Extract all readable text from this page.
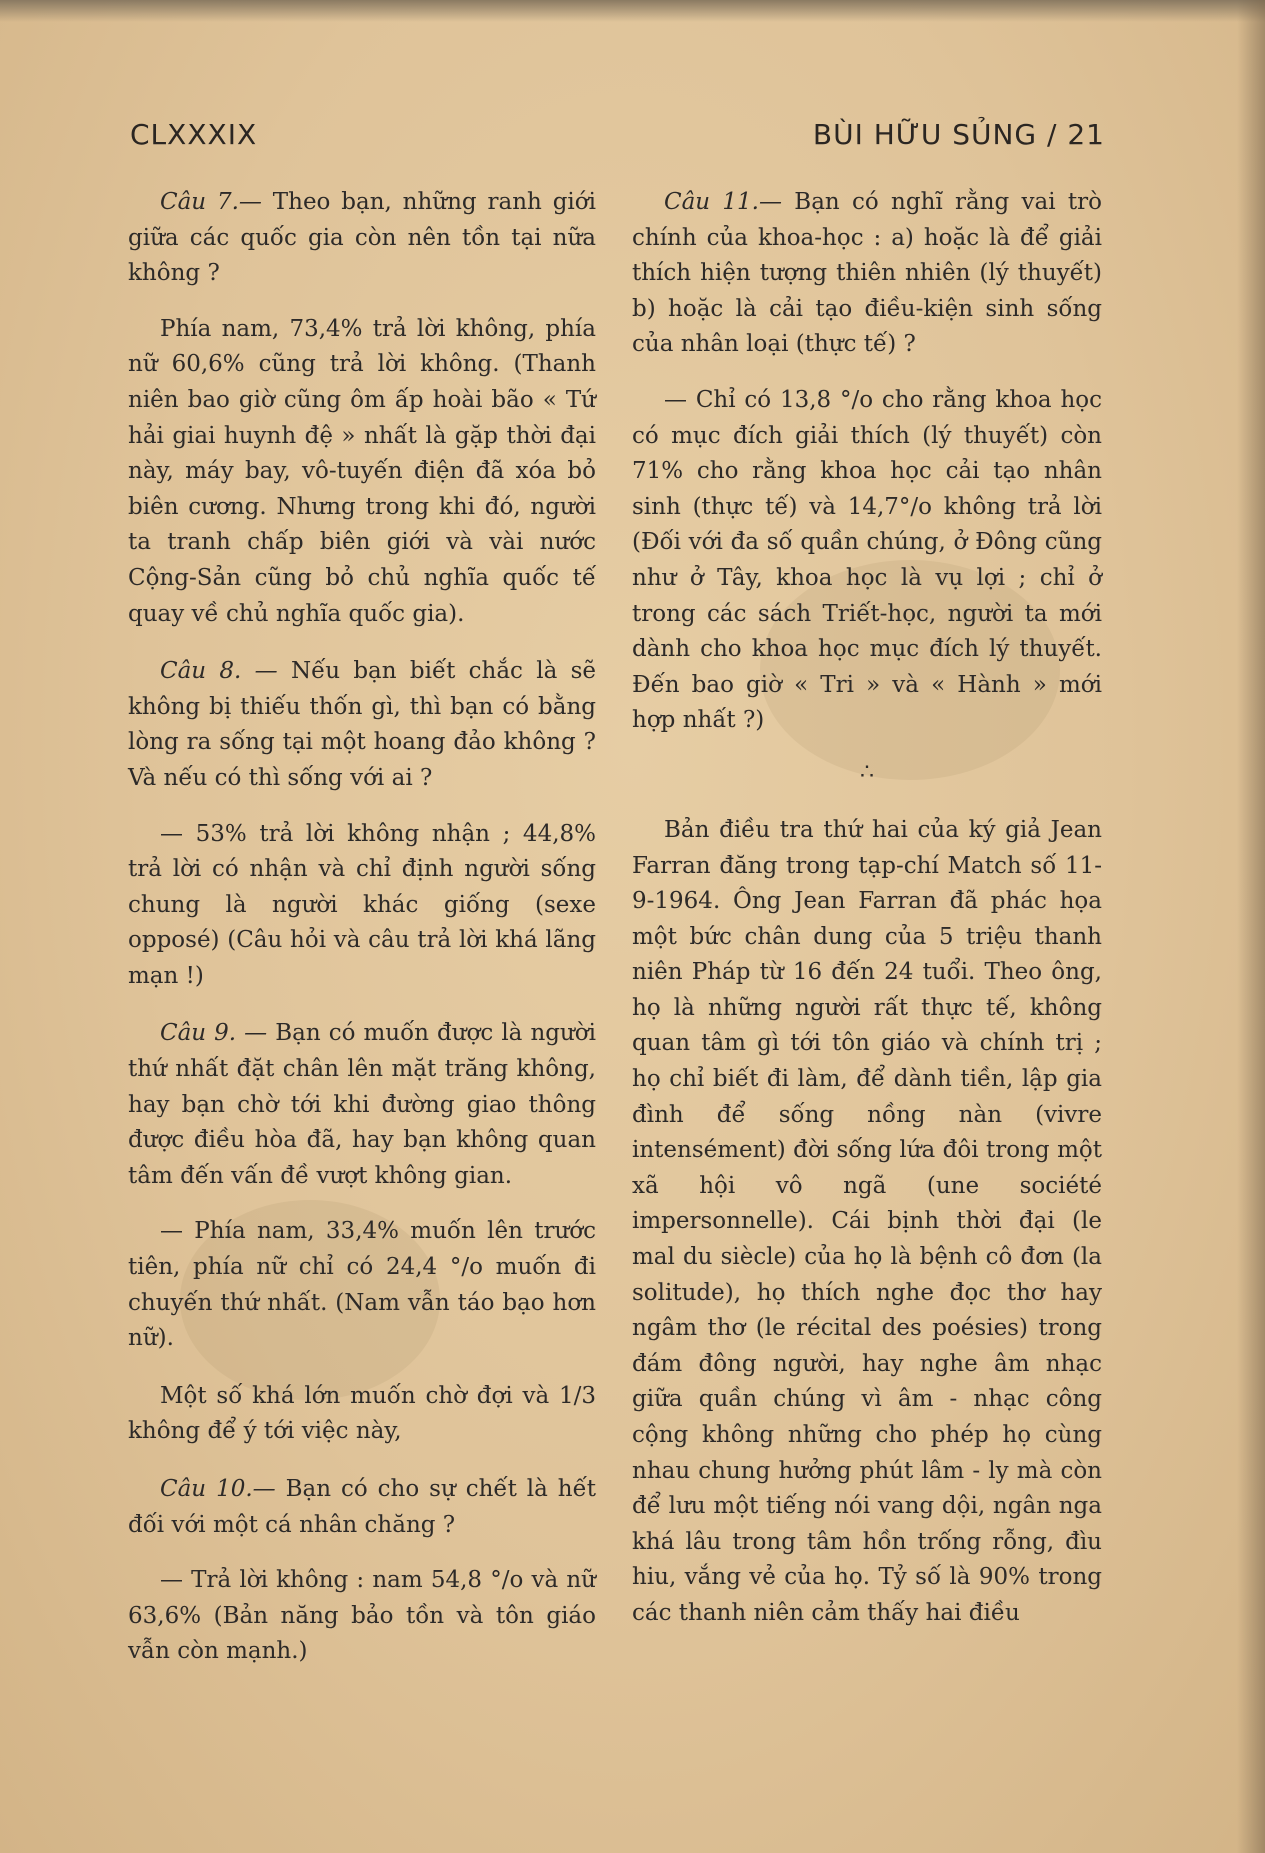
CLXXXIX	BÙI HỮU SỦNG / 21

Câu 7.— Theo bạn, những ranh giới giữa các quốc gia còn nên tồn tại nữa không ?

Phía nam, 73,4% trả lời không, phía nữ 60,6% cũng trả lời không. (Thanh niên bao giờ cũng ôm ấp hoài bão « Tứ hải giai huynh đệ » nhất là gặp thời đại này, máy bay, vô-tuyến điện đã xóa bỏ biên cương. Nhưng trong khi đó, người ta tranh chấp biên giới và vài nước Cộng-Sản cũng bỏ chủ nghĩa quốc tế quay về chủ nghĩa quốc gia).

Câu 8. — Nếu bạn biết chắc là sẽ không bị thiếu thốn gì, thì bạn có bằng lòng ra sống tại một hoang đảo không ? Và nếu có thì sống với ai ?

— 53% trả lời không nhận ; 44,8% trả lời có nhận và chỉ định người sống chung là người khác giống (sexe opposé) (Câu hỏi và câu trả lời khá lãng mạn !)

Câu 9. — Bạn có muốn được là người thứ nhất đặt chân lên mặt trăng không, hay bạn chờ tới khi đường giao thông được điều hòa đã, hay bạn không quan tâm đến vấn đề vượt không gian.

— Phía nam, 33,4% muốn lên trước tiên, phía nữ chỉ có 24,4 °/o muốn đi chuyến thứ nhất. (Nam vẫn táo bạo hơn nữ).

Một số khá lớn muốn chờ đợi và 1/3 không để ý tới việc này,

Câu 10.— Bạn có cho sự chết là hết đối với một cá nhân chăng ?

— Trả lời không : nam 54,8 °/o và nữ 63,6% (Bản năng bảo tồn và tôn giáo vẫn còn mạnh.)

Câu 11.— Bạn có nghĩ rằng vai trò chính của khoa-học : a) hoặc là để giải thích hiện tượng thiên nhiên (lý thuyết) b) hoặc là cải tạo điều-kiện sinh sống của nhân loại (thực tế) ?

— Chỉ có 13,8 °/o cho rằng khoa học có mục đích giải thích (lý thuyết) còn 71% cho rằng khoa học cải tạo nhân sinh (thực tế) và 14,7°/o không trả lời (Đối với đa số quần chúng, ở Đông cũng như ở Tây, khoa học là vụ lợi ; chỉ ở trong các sách Triết-học, người ta mới dành cho khoa học mục đích lý thuyết. Đến bao giờ « Tri » và « Hành » mới hợp nhất ?)

∴

Bản điều tra thứ hai của ký giả Jean Farran đăng trong tạp-chí Match số 11-9-1964. Ông Jean Farran đã phác họa một bức chân dung của 5 triệu thanh niên Pháp từ 16 đến 24 tuổi. Theo ông, họ là những người rất thực tế, không quan tâm gì tới tôn giáo và chính trị ; họ chỉ biết đi làm, để dành tiền, lập gia đình để sống nồng nàn (vivre intensément) đời sống lứa đôi trong một xã hội vô ngã (une société impersonnelle). Cái bịnh thời đại (le mal du siècle) của họ là bệnh cô đơn (la solitude), họ thích nghe đọc thơ hay ngâm thơ (le récital des poésies) trong đám đông người, hay nghe âm nhạc giữa quần chúng vì âm - nhạc công cộng không những cho phép họ cùng nhau chung hưởng phút lâm - ly mà còn để lưu một tiếng nói vang dội, ngân nga khá lâu trong tâm hồn trống rỗng, đìu hiu, vắng vẻ của họ. Tỷ số là 90% trong các thanh niên cảm thấy hai điều
